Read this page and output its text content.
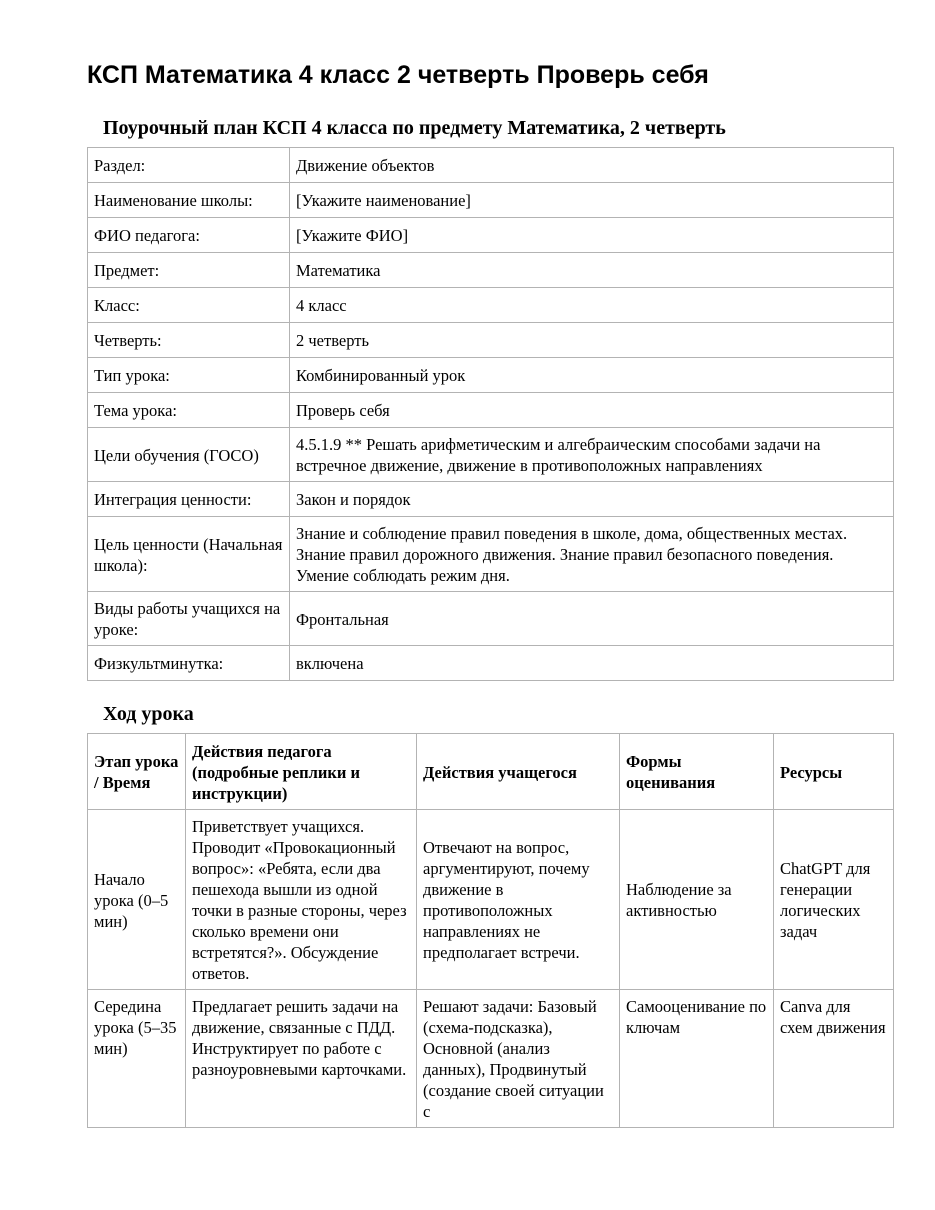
КСП Математика 4 класс 2 четверть Проверь себя
Поурочный план КСП 4 класса по предмету Математика, 2 четверть
Раздел:	Движение объектов
Наименование школы:	[Укажите наименование]
ФИО педагога:	[Укажите ФИО]
Предмет:	Математика
Класс:	4 класс
Четверть:	2 четверть
Тип урока:	Комбинированный урок
Тема урока:	Проверь себя
Цели обучения (ГОСО)	4.5.1.9 ** Решать арифметическим и алгебраическим способами задачи на встречное движение, движение в противоположных направлениях
Интеграция ценности:	Закон и порядок
Цель ценности (Начальная школа):	Знание и соблюдение правил поведения в школе, дома, общественных местах. Знание правил дорожного движения. Знание правил безопасного поведения. Умение соблюдать режим дня.
Виды работы учащихся на уроке:	Фронтальная
Физкультминутка:	включена
Ход урока
Этап урока / Время	Действия педагога (подробные реплики и инструкции)	Действия учащегося	Формы оценивания	Ресурсы
Начало урока (0–5 мин)	Приветствует учащихся. Проводит «Провокационный вопрос»: «Ребята, если два пешехода вышли из одной точки в разные стороны, через сколько времени они встретятся?». Обсуждение ответов.	Отвечают на вопрос, аргументируют, почему движение в противоположных направлениях не предполагает встречи.	Наблюдение за активностью	ChatGPT для генерации логических задач
Середина урока (5–35 мин)	Предлагает решить задачи на движение, связанные с ПДД. Инструктирует по работе с разноуровневыми карточками.	Решают задачи: Базовый (схема-подсказка), Основной (анализ данных), Продвинутый (создание своей ситуации с	Самооценивание по ключам	Canva для схем движения
